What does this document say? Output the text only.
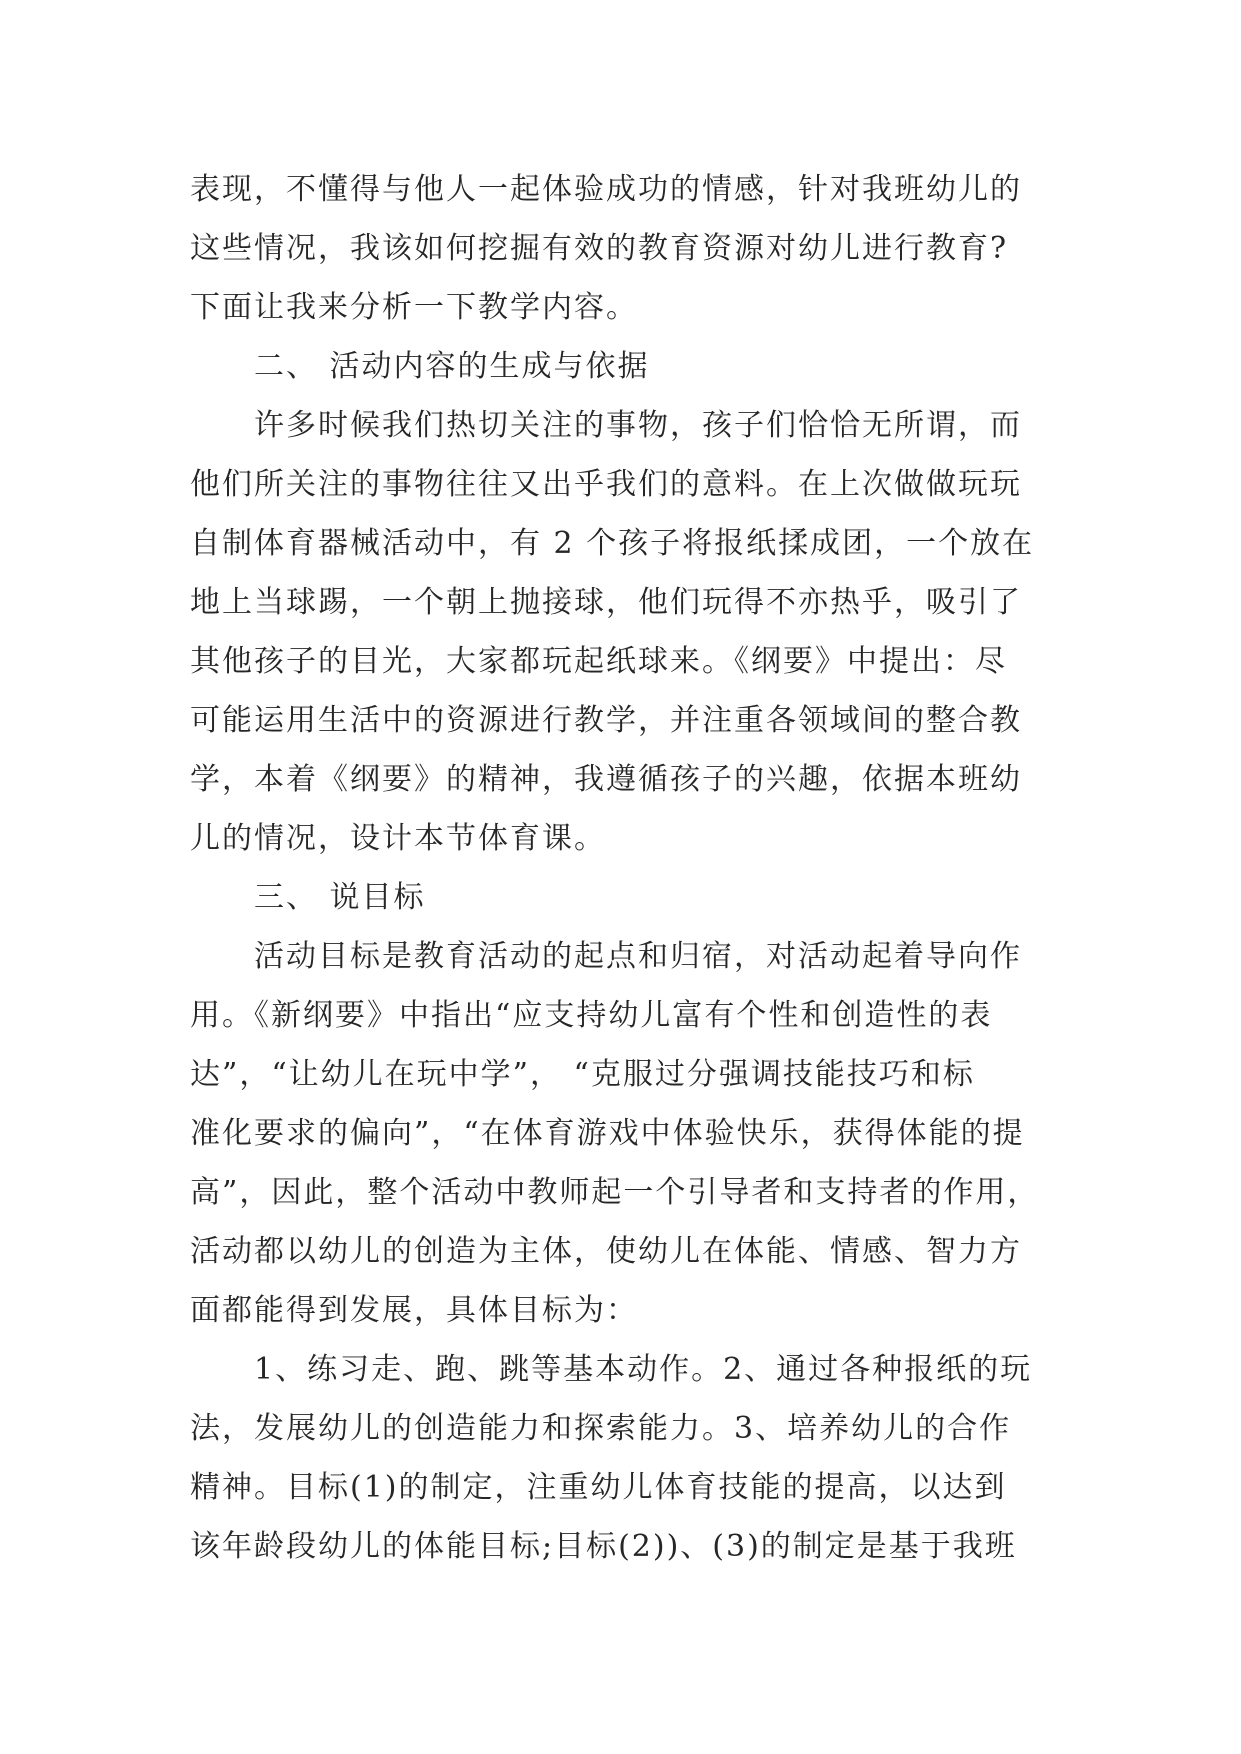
表现，不懂得与他人一起体验成功的情感，针对我班幼儿的
这些情况，我该如何挖掘有效的教育资源对幼儿进行教育?
下面让我来分析一下教学内容。
二、 活动内容的生成与依据
许多时候我们热切关注的事物，孩子们恰恰无所谓，而
他们所关注的事物往往又出乎我们的意料。在上次做做玩玩
自制体育器械活动中，有 2 个孩子将报纸揉成团，一个放在
地上当球踢，一个朝上抛接球，他们玩得不亦热乎，吸引了
其他孩子的目光，大家都玩起纸球来。《纲要》中提出：尽
可能运用生活中的资源进行教学，并注重各领域间的整合教
学，本着《纲要》的精神，我遵循孩子的兴趣，依据本班幼
儿的情况，设计本节体育课。
三、 说目标
活动目标是教育活动的起点和归宿，对活动起着导向作
用。《新纲要》中指出“应支持幼儿富有个性和创造性的表
达”，“让幼儿在玩中学”， “克服过分强调技能技巧和标
准化要求的偏向”，“在体育游戏中体验快乐，获得体能的提
高”，因此，整个活动中教师起一个引导者和支持者的作用，
活动都以幼儿的创造为主体，使幼儿在体能、情感、智力方
面都能得到发展，具体目标为：
1、练习走、跑、跳等基本动作。2、通过各种报纸的玩
法，发展幼儿的创造能力和探索能力。3、培养幼儿的合作
精神。目标(1)的制定，注重幼儿体育技能的提高，以达到
该年龄段幼儿的体能目标;目标(2))、(3)的制定是基于我班
